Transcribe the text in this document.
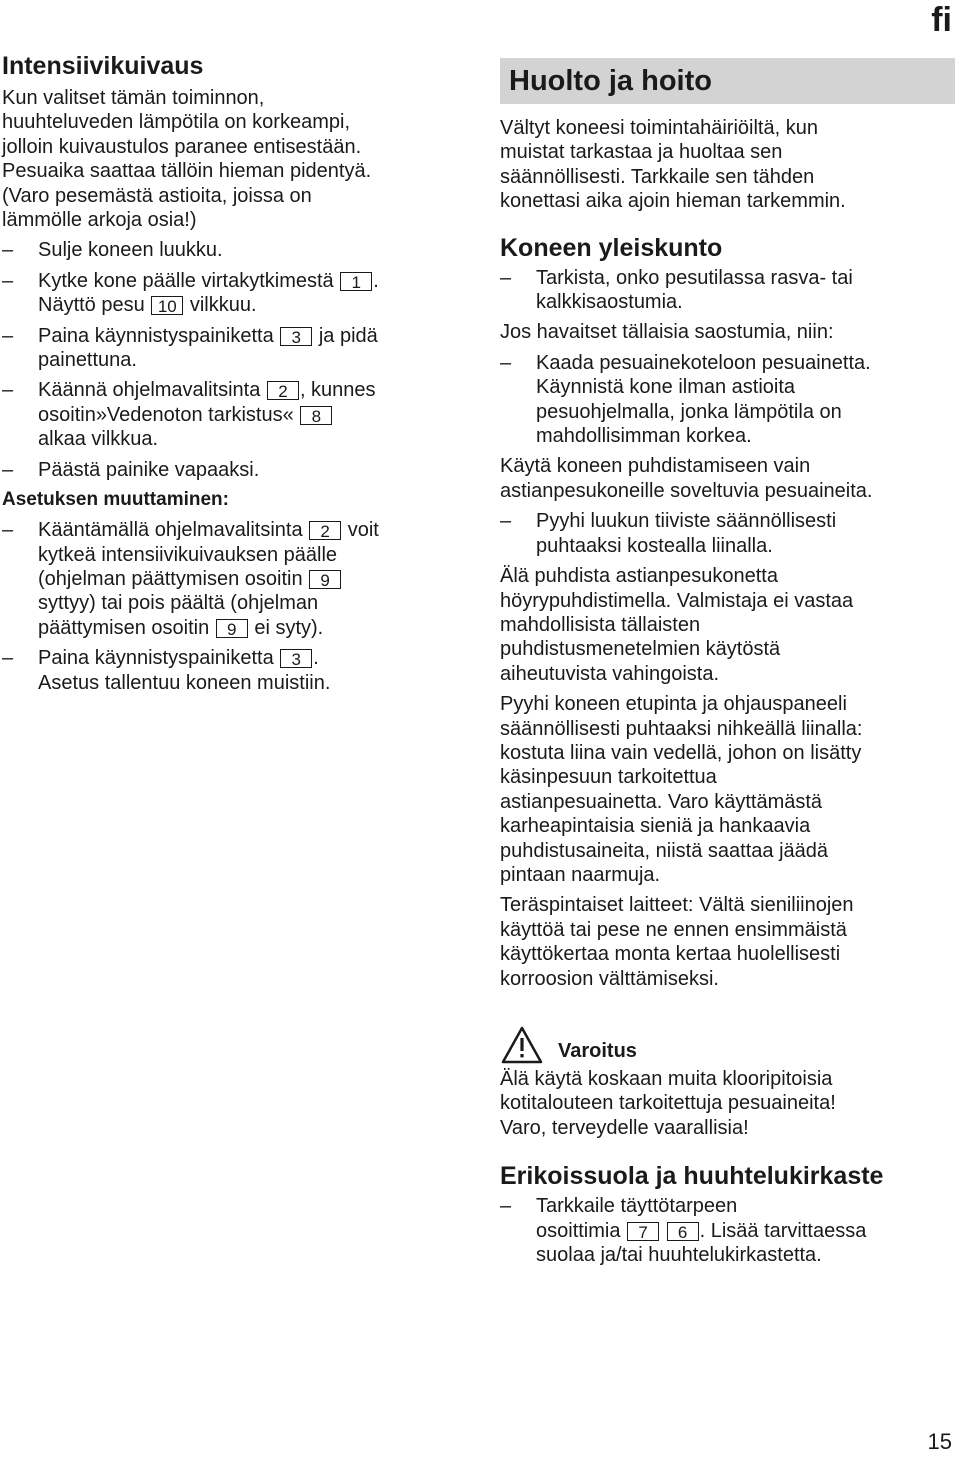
fi
Intensiivikuivaus

Kun valitset tämän toiminnon,

huuhteluveden lämpötila on korkeampi,

jolloin kuivaustulos paranee entisestään.

Pesuaika saattaa tällöin hieman pidentyä.

(Varo pesemästä astioita, joissa on

lämmölle arkoja osia!)

– Sulje koneen luukku.
– Kytke kone päälle virtakytkimestä 1 .
Näyttö pesu 10 vilkkuu.
– Paina käynnistyspainiketta 3 ja pidä
painettuna.
– Käännä ohjelmavalitsinta 2 , kunnes
osoitin»Vedenoton tarkistus« 8
alkaa vilkkua.
– Päästä painike vapaaksi.
Asetuksen muuttaminen:
– Kääntämällä ohjelmavalitsinta 2 voit
kytkeä intensiivikuivauksen päälle
(ohjelman päättymisen osoitin 9
syttyy) tai pois päältä (ohjelman
päättymisen osoitin 9 ei syty).
– Paina käynnistyspainiketta 3 .
Asetus tallentuu koneen muistiin.
Huolto ja hoito

Vältyt koneesi toimintahäiriöiltä, kun

muistat tarkastaa ja huoltaa sen

säännöllisesti. Tarkkaile sen tähden

konettasi aika ajoin hieman tarkemmin.

Koneen yleiskunto
– Tarkista, onko pesutilassa rasva- tai
kalkkisaostumia.

Jos havaitset tällaisia saostumia, niin:

– Kaada pesuainekoteloon pesuainetta.
Käynnistä kone ilman astioita
pesuohjelmalla, jonka lämpötila on
mahdollisimman korkea.

Käytä koneen puhdistamiseen vain

astianpesukoneille soveltuvia pesuaineita.

– Pyyhi luukun tiiviste säännöllisesti
puhtaaksi kostealla liinalla.

Älä puhdista astianpesukonetta

höyrypuhdistimella. Valmistaja ei vastaa

mahdollisista tällaisten

puhdistusmenetelmien käytöstä

aiheutuvista vahingoista.

Pyyhi koneen etupinta ja ohjauspaneeli

säännöllisesti puhtaaksi nihkeällä liinalla:

kostuta liina vain vedellä, johon on lisätty

käsinpesuun tarkoitettua

astianpesuainetta. Varo käyttämästä

karheapintaisia sieniä ja hankaavia

puhdistusaineita, niistä saattaa jäädä

pintaan naarmuja.

Teräspintaiset laitteet: Vältä sieniliinojen

käyttöä tai pese ne ennen ensimmäistä

käyttökertaa monta kertaa huolellisesti

korroosion välttämiseksi.

Varoitus

Älä käytä koskaan muita klooripitoisia

kotitalouteen tarkoitettuja pesuaineita!

Varo, terveydelle vaarallisia!

Erikoissuola ja huuhtelukirkaste
– Tarkkaile täyttötarpeen
osoittimia 7 6 . Lisää tarvittaessa
suolaa ja/tai huuhtelukirkastetta.
15
